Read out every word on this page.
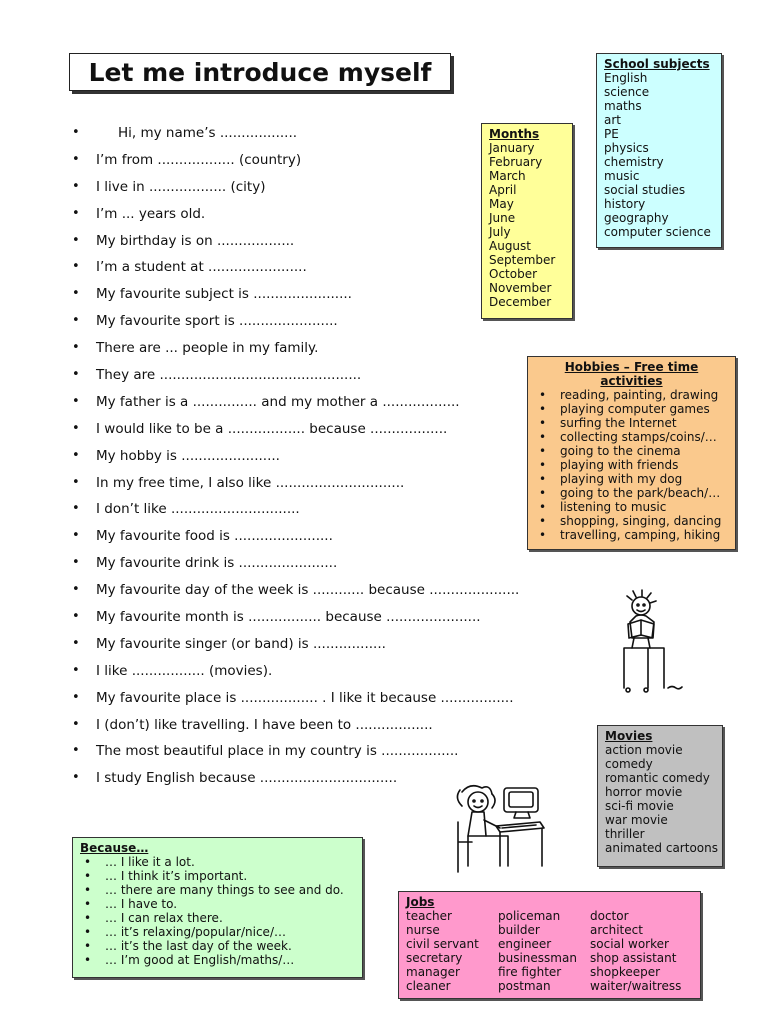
Let me introduce myself
• Hi, my name’s ..................
• I’m from .................. (country)
• I live in .................. (city)
• I’m ... years old.
• My birthday is on ..................
• I’m a student at .......................
• My favourite subject is .......................
• My favourite sport is .......................
• There are ... people in my family.
• They are ...............................................
• My father is a ............... and my mother a ..................
• I would like to be a .................. because ..................
• My hobby is .......................
• In my free time, I also like ..............................
• I don’t like ..............................
• My favourite food is .......................
• My favourite drink is .......................
• My favourite day of the week is ............ because .....................
• My favourite month is ................. because ......................
• My favourite singer (or band) is .................
• I like ................. (movies).
• My favourite place is .................. . I like it because .................
• I (don’t) like travelling. I have been to ..................
• The most beautiful place in my country is ..................
• I study English because ................................
Months
January
February
March
April
May
June
July
August
September
October
November
December
School subjects
English
science
maths
art
PE
physics
chemistry
music
social studies
history
geography
computer science
Hobbies – Free time activities
• reading, painting, drawing
• playing computer games
• surfing the Internet
• collecting stamps/coins/…
• going to the cinema
• playing with friends
• playing with my dog
• going to the park/beach/…
• listening to music
• shopping, singing, dancing
• travelling, camping, hiking
Movies
action movie
comedy
romantic comedy
horror movie
sci-fi movie
war movie
thriller
animated cartoons
Because…
• … I like it a lot.
• … I think it’s important.
• … there are many things to see and do.
• … I have to.
• … I can relax there.
• … it’s relaxing/popular/nice/…
• … it’s the last day of the week.
• … I’m good at English/maths/…
Jobs
teacher
nurse
civil servant
secretary
manager
cleaner
policeman
builder
engineer
businessman
fire fighter
postman
doctor
architect
social worker
shop assistant
shopkeeper
waiter/waitress
